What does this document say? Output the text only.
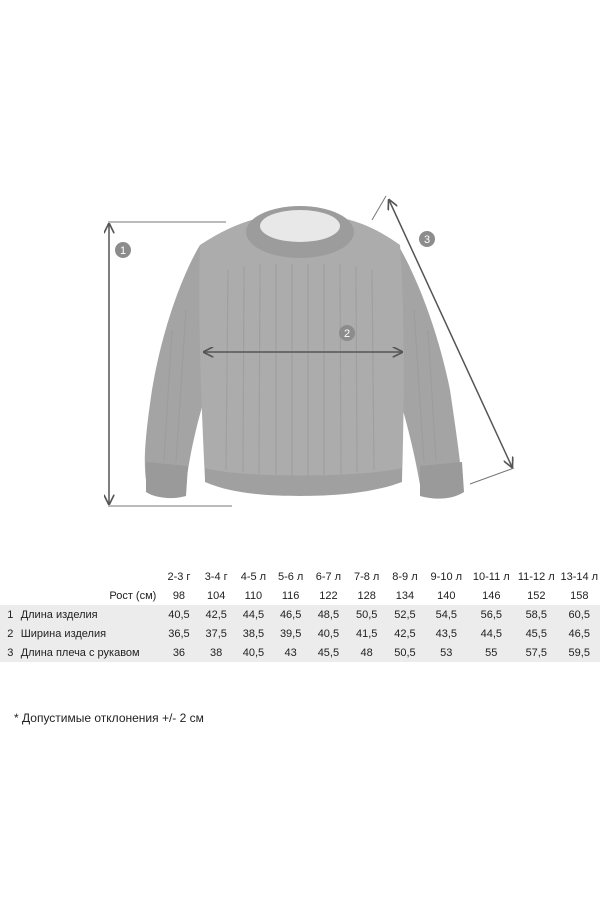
1
2
3
		2-3 г	3-4 г	4-5 л	5-6 л	6-7 л	7-8 л	8-9 л	9-10 л	10-11 л	11-12 л	13-14 л
	Рост (см)	98	104	110	116	122	128	134	140	146	152	158
1	Длина изделия	40,5	42,5	44,5	46,5	48,5	50,5	52,5	54,5	56,5	58,5	60,5
2	Ширина изделия	36,5	37,5	38,5	39,5	40,5	41,5	42,5	43,5	44,5	45,5	46,5
3	Длина плеча с рукавом	36	38	40,5	43	45,5	48	50,5	53	55	57,5	59,5
* Допустимые отклонения +/- 2 см
